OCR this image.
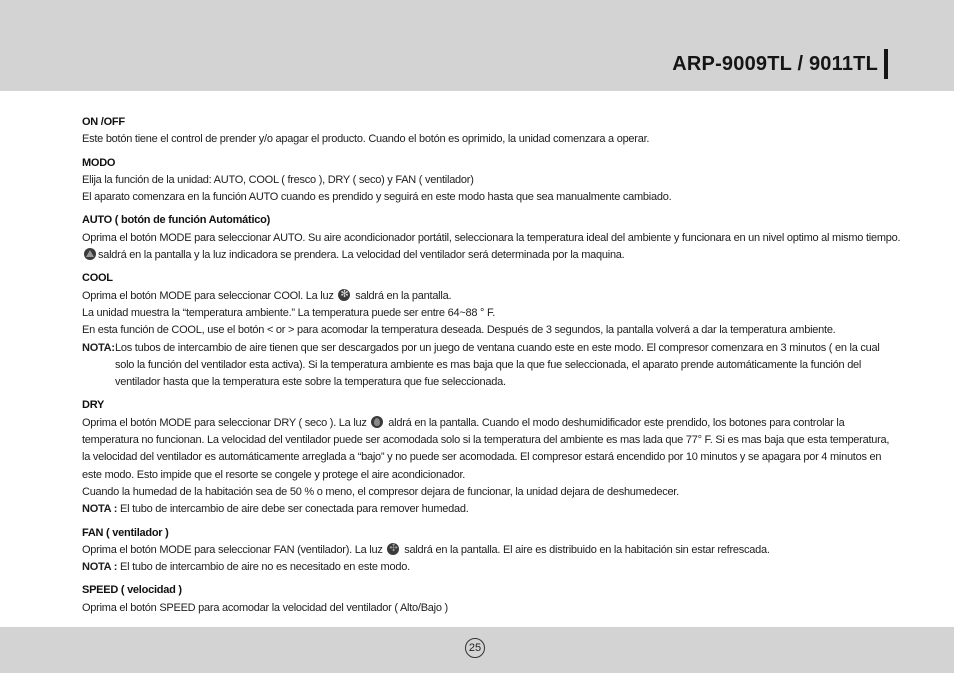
ARP-9009TL / 9011TL
ON /OFF
Este botón tiene el control de prender y/o apagar el producto. Cuando el botón es oprimido, la unidad comenzara a operar.
MODO
Elija la función de la unidad: AUTO, COOL ( fresco ), DRY ( seco) y FAN ( ventilador)
El aparato comenzara en la función AUTO cuando es prendido y seguirá en este modo hasta que sea manualmente cambiado.
AUTO ( botón de función Automático)
Oprima el botón MODE para seleccionar AUTO. Su aire acondicionador portátil, seleccionara la temperatura ideal del ambiente y funcionara en un nivel optimo al mismo tiempo.
saldrá en la pantalla y la luz indicadora se prendera. La velocidad del ventilador será determinada por la maquina.
COOL
Oprima el botón MODE para seleccionar COOl. La luz ✻ saldrá en la pantalla.
La unidad muestra la “temperatura ambiente.” La temperatura puede ser entre 64~88 ° F.
En esta función de COOL, use el botón < or > para acomodar la temperatura deseada. Después de 3 segundos, la pantalla volverá a dar la temperatura ambiente.
NOTA: Los tubos de intercambio de aire tienen que ser descargados por un juego de ventana cuando este en este modo. El compresor comenzara en 3 minutos ( en la cual solo la función del ventilador esta activa). Si la temperatura ambiente es mas baja que la que fue seleccionada, el aparato prende automáticamente la función del ventilador hasta que la temperatura este sobre la temperatura que fue seleccionada.
DRY
Oprima el botón MODE para seleccionar DRY ( seco ). La luz aldrá en la pantalla. Cuando el modo deshumidificador este prendido, los botones para controlar la temperatura no funcionan. La velocidad del ventilador puede ser acomodada solo si la temperatura del ambiente es mas lada que 77° F. Si es mas baja que esta temperatura, la velocidad del ventilador es automáticamente arreglada a “bajo” y no puede ser acomodada. El compresor estará encendido por 10 minutos y se apagara por 4 minutos en este modo. Esto impide que el resorte se congele y protege el aire acondicionador.
Cuando la humedad de la habitación sea de 50 % o meno, el compresor dejara de funcionar, la unidad dejara de deshumedecer.
NOTA : El tubo de intercambio de aire debe ser conectada para remover humedad.
FAN ( ventilador )
Oprima el botón MODE para seleccionar FAN (ventilador). La luz ✣ saldrá en la pantalla. El aire es distribuido en la habitación sin estar refrescada.
NOTA : El tubo de intercambio de aire no es necesitado en este modo.
SPEED ( velocidad )
Oprima el botón SPEED para acomodar la velocidad del ventilador ( Alto/Bajo )
25
